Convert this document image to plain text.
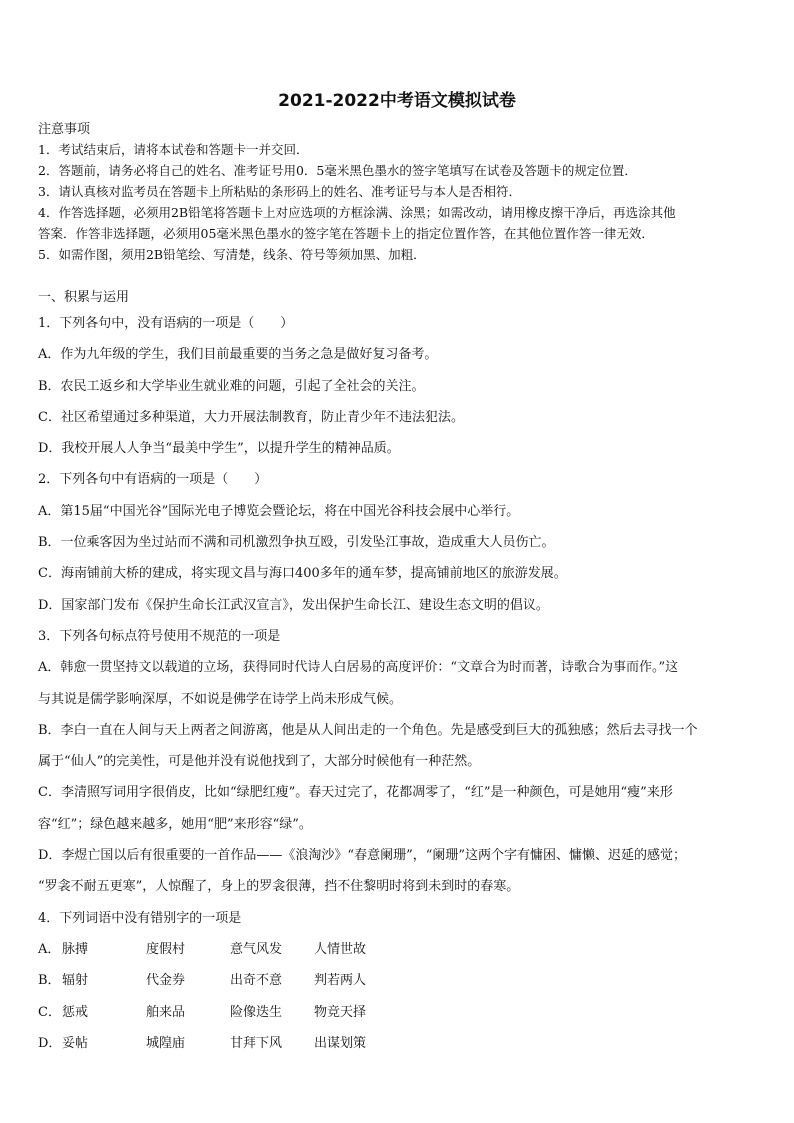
2021-2022中考语文模拟试卷
注意事项
1．考试结束后，请将本试卷和答题卡一并交回．
2．答题前，请务必将自己的姓名、准考证号用0．5毫米黑色墨水的签字笔填写在试卷及答题卡的规定位置．
3．请认真核对监考员在答题卡上所粘贴的条形码上的姓名、准考证号与本人是否相符．
4．作答选择题，必须用2B铅笔将答题卡上对应选项的方框涂满、涂黑；如需改动，请用橡皮擦干净后，再选涂其他
答案．作答非选择题，必须用05毫米黑色墨水的签字笔在答题卡上的指定位置作答，在其他位置作答一律无效．
5．如需作图，须用2B铅笔绘、写清楚，线条、符号等须加黑、加粗．
一、积累与运用
1．下列各句中，没有语病的一项是（　　）
A．作为九年级的学生，我们目前最重要的当务之急是做好复习备考。
B．农民工返乡和大学毕业生就业难的问题，引起了全社会的关注。
C．社区希望通过多种渠道，大力开展法制教育，防止青少年不违法犯法。
D．我校开展人人争当“最美中学生”，以提升学生的精神品质。
2．下列各句中有语病的一项是（　　）
A．第15届“中国光谷”国际光电子博览会暨论坛，将在中国光谷科技会展中心举行。
B．一位乘客因为坐过站而不满和司机激烈争执互殴，引发坠江事故，造成重大人员伤亡。
C．海南铺前大桥的建成，将实现文昌与海口400多年的通车梦，提高铺前地区的旅游发展。
D．国家部门发布《保护生命长江武汉宣言》，发出保护生命长江、建设生态文明的倡议。
3．下列各句标点符号使用不规范的一项是
A．韩愈一贯坚持文以载道的立场，获得同时代诗人白居易的高度评价：“文章合为时而著，诗歌合为事而作。”这
与其说是儒学影响深厚，不如说是佛学在诗学上尚未形成气候。
B．李白一直在人间与天上两者之间游离，他是从人间出走的一个角色。先是感受到巨大的孤独感；然后去寻找一个
属于“仙人”的完美性，可是他并没有说他找到了，大部分时候他有一种茫然。
C．李清照写词用字很俏皮，比如“绿肥红瘦”。春天过完了，花都凋零了，“红”是一种颜色，可是她用“瘦”来形
容“红”；绿色越来越多，她用“肥”来形容“绿”。
D．李煜亡国以后有很重要的一首作品——《浪淘沙》“春意阑珊”，“阑珊”这两个字有慵困、慵懒、迟延的感觉；
“罗衾不耐五更寒”，人惊醒了，身上的罗衾很薄，挡不住黎明时将到未到时的春寒。
4．下列词语中没有错别字的一项是
A． 脉搏	度假村	意气风发	人情世故
B． 辐射	代金券	出奇不意	判若两人
C． 惩戒	舶来品	险像迭生	物竞天择
D． 妥帖	城隍庙	甘拜下风	出谋划策
